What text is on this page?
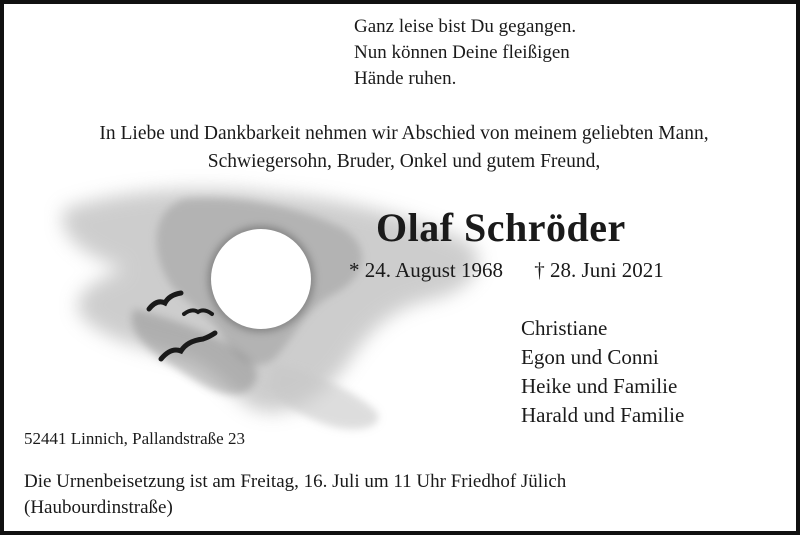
Ganz leise bist Du gegangen.
Nun können Deine fleißigen
Hände ruhen.
In Liebe und Dankbarkeit nehmen wir Abschied von meinem geliebten Mann,
Schwiegersohn, Bruder, Onkel und gutem Freund,
Olaf Schröder
* 24. August 1968 † 28. Juni 2021
Christiane
Egon und Conni
Heike und Familie
Harald und Familie
52441 Linnich, Pallandstraße 23
Die Urnenbeisetzung ist am Freitag, 16. Juli um 11 Uhr Friedhof Jülich
(Haubourdinstraße)
